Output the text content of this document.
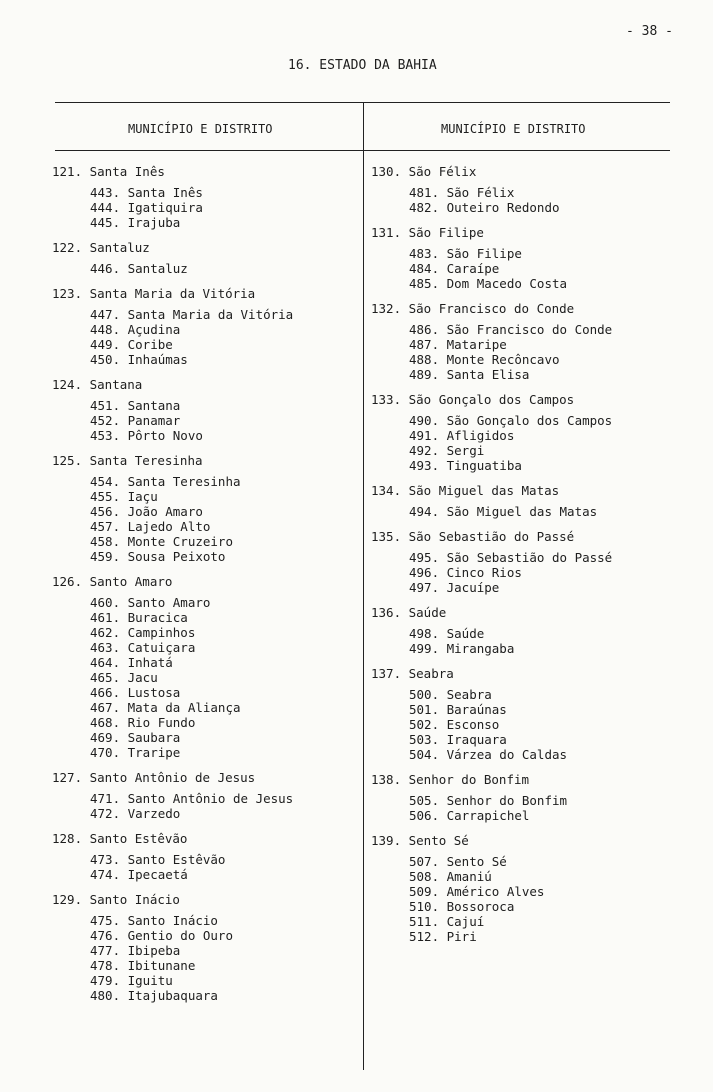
- 38 -
16. ESTADO DA BAHIA
MUNICÍPIO E DISTRITO	MUNICÍPIO E DISTRITO
121. Santa Inês
443. Santa Inês
444. Igatiquira
445. Irajuba
122. Santaluz
446. Santaluz
123. Santa Maria da Vitória
447. Santa Maria da Vitória
448. Açudina
449. Coribe
450. Inhaúmas
124. Santana
451. Santana
452. Panamar
453. Pôrto Novo
125. Santa Teresinha
454. Santa Teresinha
455. Iaçu
456. João Amaro
457. Lajedo Alto
458. Monte Cruzeiro
459. Sousa Peixoto
126. Santo Amaro
460. Santo Amaro
461. Buracica
462. Campinhos
463. Catuiçara
464. Inhatá
465. Jacu
466. Lustosa
467. Mata da Aliança
468. Rio Fundo
469. Saubara
470. Traripe
127. Santo Antônio de Jesus
471. Santo Antônio de Jesus
472. Varzedo
128. Santo Estêvão
473. Santo Estêvão
474. Ipecaetá
129. Santo Inácio
475. Santo Inácio
476. Gentio do Ouro
477. Ibipeba
478. Ibitunane
479. Iguitu
480. Itajubaquara
130. São Félix
481. São Félix
482. Outeiro Redondo
131. São Filipe
483. São Filipe
484. Caraípe
485. Dom Macedo Costa
132. São Francisco do Conde
486. São Francisco do Conde
487. Mataripe
488. Monte Recôncavo
489. Santa Elisa
133. São Gonçalo dos Campos
490. São Gonçalo dos Campos
491. Afligidos
492. Sergi
493. Tinguatiba
134. São Miguel das Matas
494. São Miguel das Matas
135. São Sebastião do Passé
495. São Sebastião do Passé
496. Cinco Rios
497. Jacuípe
136. Saúde
498. Saúde
499. Mirangaba
137. Seabra
500. Seabra
501. Baraúnas
502. Esconso
503. Iraquara
504. Várzea do Caldas
138. Senhor do Bonfim
505. Senhor do Bonfim
506. Carrapichel
139. Sento Sé
507. Sento Sé
508. Amaniú
509. Américo Alves
510. Bossoroca
511. Cajuí
512. Piri
